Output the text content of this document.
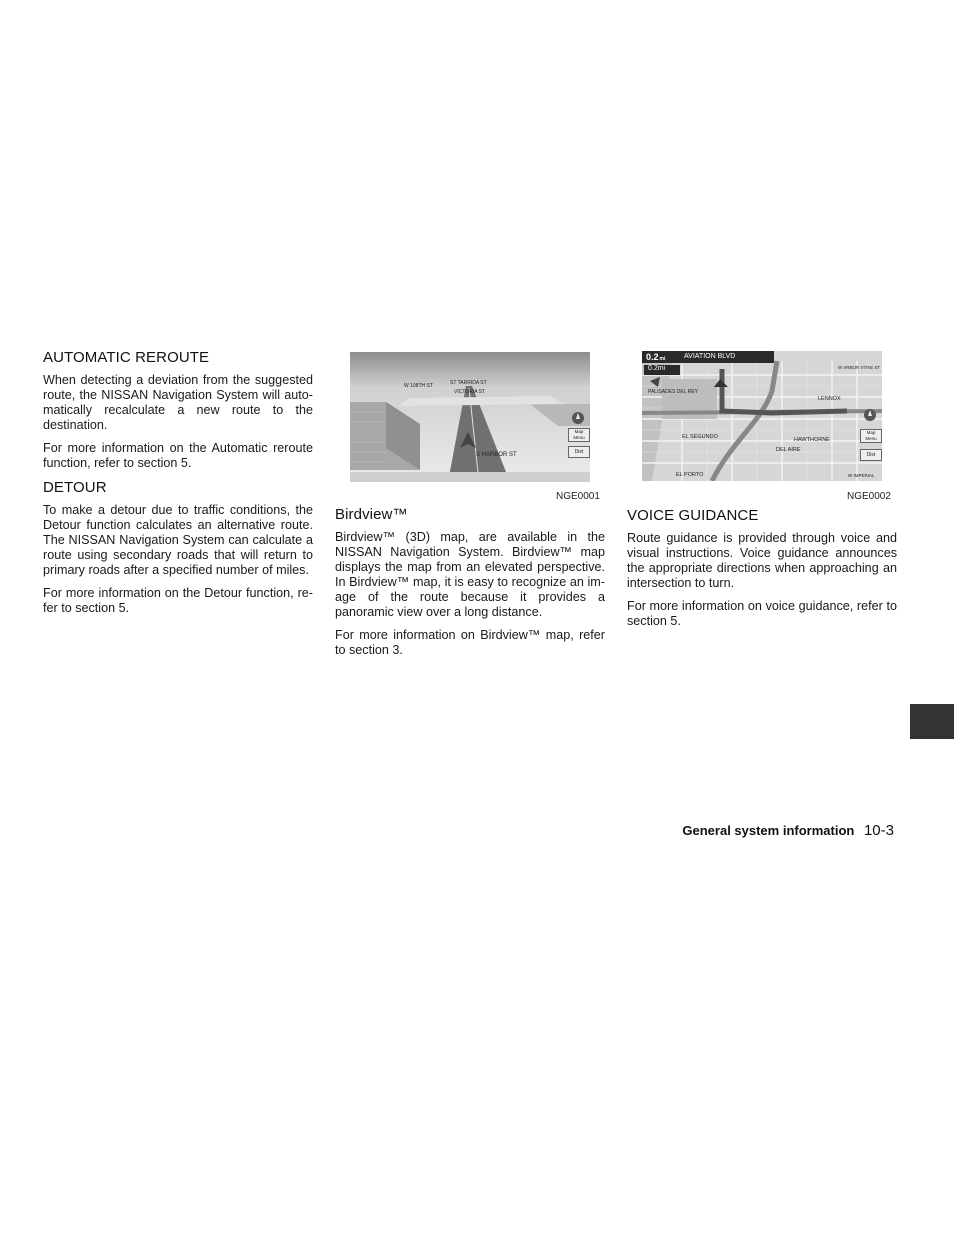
AUTOMATIC REROUTE

When detecting a deviation from the suggested route, the NISSAN Navigation System will auto- matically recalculate a new route to the destination.

For more information on the Automatic reroute function, refer to section 5.

DETOUR

To make a detour due to traffic conditions, the Detour function calculates an alternative route. The NISSAN Navigation System can calculate a route using secondary roads that will return to primary roads after a specified number of miles.

For more information on the Detour function, re- fer to section 5.

W 108TH ST	ST TARRIDA ST
VICTORIA ST
S HARBOR ST
Map Menu
Dist
NGE0001
0.2mi	AVIATION BLVD
0.2mi
PALISADES DEL REY
LENNOX
EL SEGUNDO	HAWTHORNE
DEL AIRE
EL PORTO
W ARBOR VITAE ST
W IMPERIAL
Map Menu
Dist
NGE0002
Birdview™

Birdview™ (3D) map, are available in the NISSAN Navigation System. Birdview™ map displays the map from an elevated perspective. In Birdview™ map, it is easy to recognize an im- age of the route because it provides a panoramic view over a long distance.

For more information on Birdview™ map, refer to section 3.

VOICE GUIDANCE

Route guidance is provided through voice and visual instructions. Voice guidance announces the appropriate directions when approaching an intersection to turn.

For more information on voice guidance, refer to section 5.

General system information 10-3
